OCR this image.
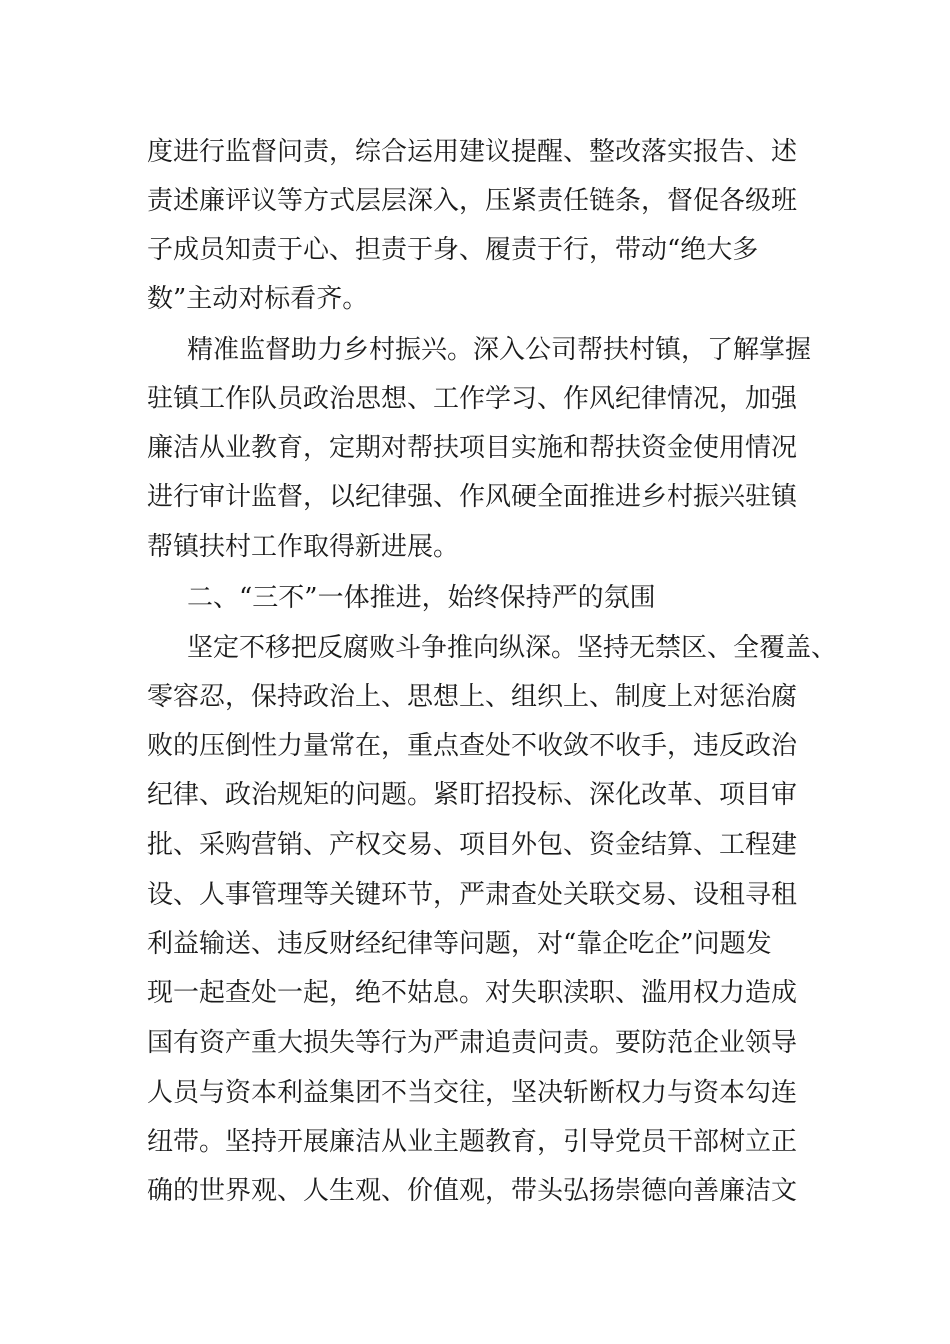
度进行监督问责，综合运用建议提醒、整改落实报告、述
责述廉评议等方式层层深入，压紧责任链条，督促各级班
子成员知责于心、担责于身、履责于行，带动“绝大多
数”主动对标看齐。
精准监督助力乡村振兴。深入公司帮扶村镇，了解掌握
驻镇工作队员政治思想、工作学习、作风纪律情况，加强
廉洁从业教育，定期对帮扶项目实施和帮扶资金使用情况
进行审计监督，以纪律强、作风硬全面推进乡村振兴驻镇
帮镇扶村工作取得新进展。
二、“三不”一体推进，始终保持严的氛围
坚定不移把反腐败斗争推向纵深。坚持无禁区、全覆盖、
零容忍，保持政治上、思想上、组织上、制度上对惩治腐
败的压倒性力量常在，重点查处不收敛不收手，违反政治
纪律、政治规矩的问题。紧盯招投标、深化改革、项目审
批、采购营销、产权交易、项目外包、资金结算、工程建
设、人事管理等关键环节，严肃查处关联交易、设租寻租
利益输送、违反财经纪律等问题，对“靠企吃企”问题发
现一起查处一起，绝不姑息。对失职渎职、滥用权力造成
国有资产重大损失等行为严肃追责问责。要防范企业领导
人员与资本利益集团不当交往，坚决斩断权力与资本勾连
纽带。坚持开展廉洁从业主题教育，引导党员干部树立正
确的世界观、人生观、价值观，带头弘扬崇德向善廉洁文
